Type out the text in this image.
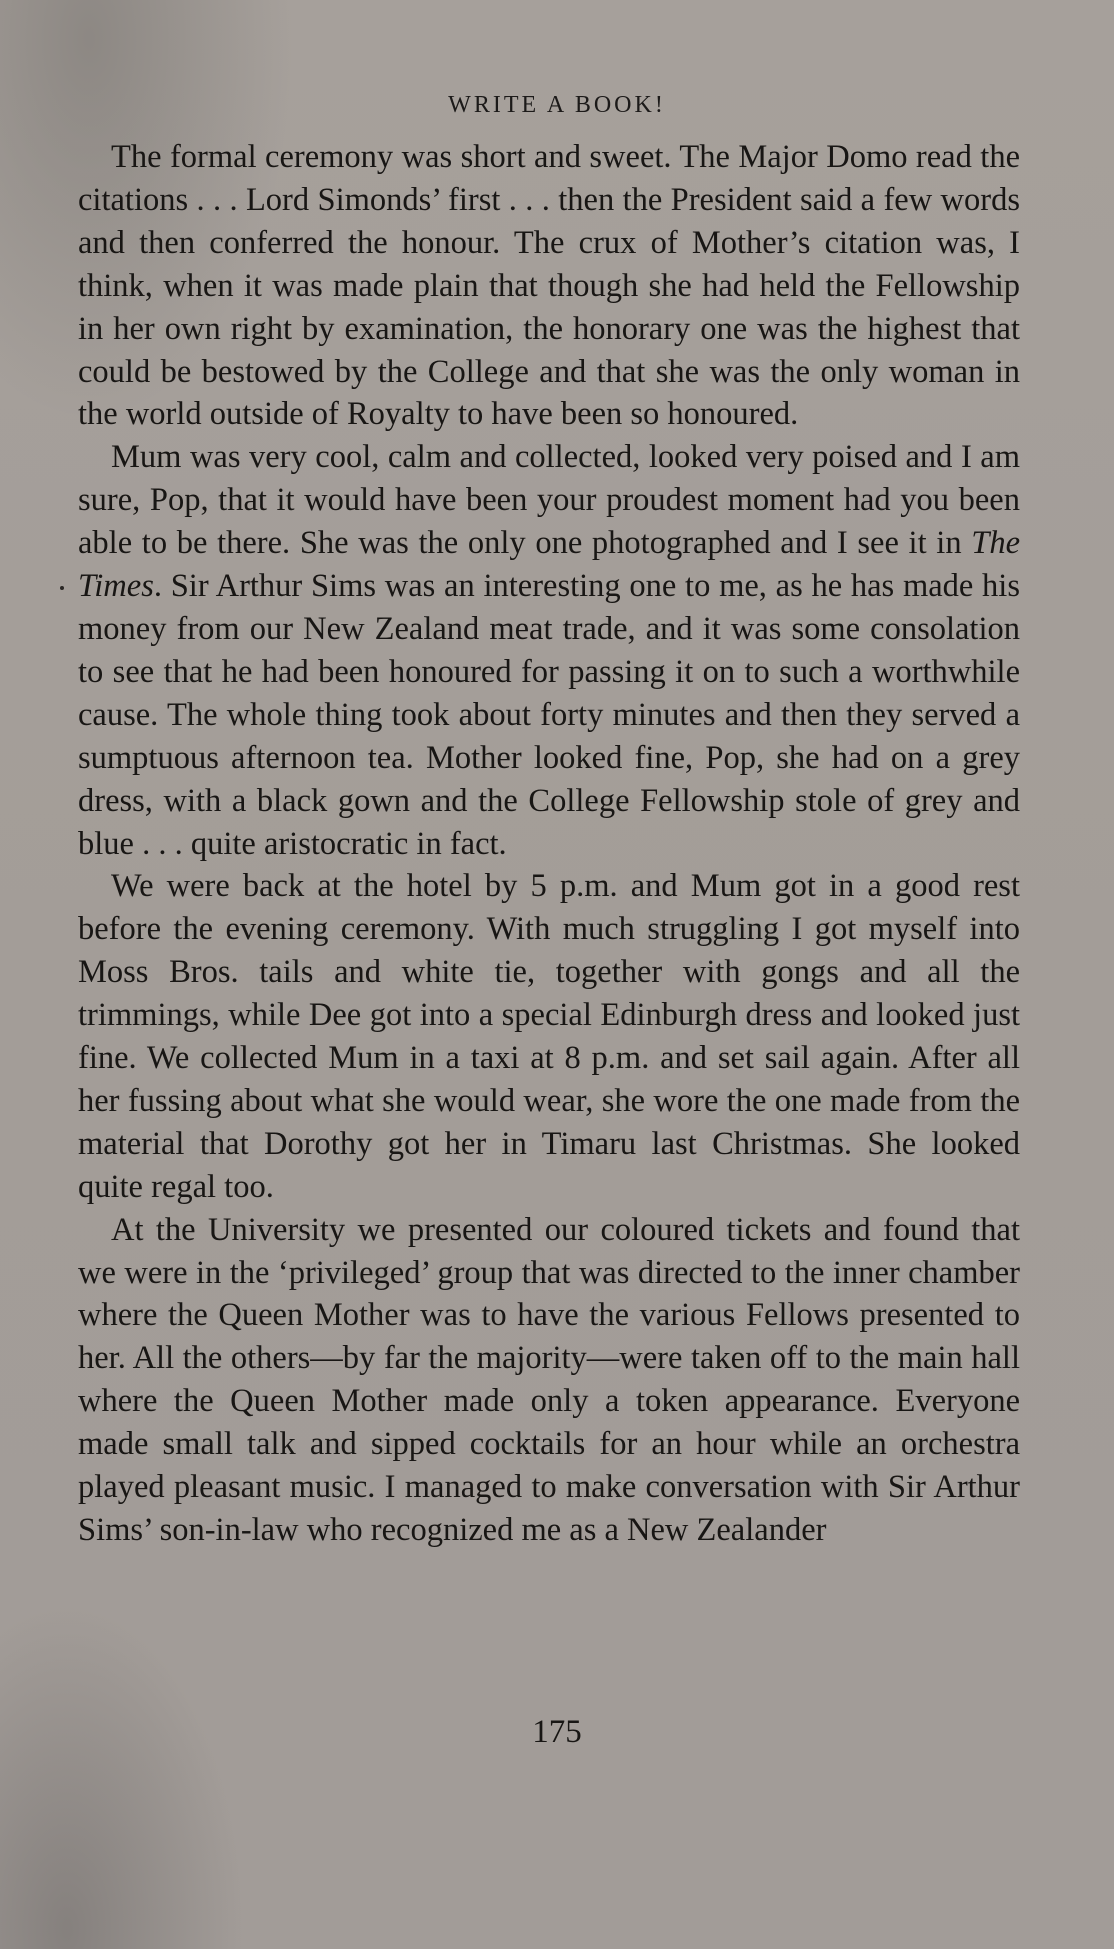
WRITE A BOOK!

The formal ceremony was short and sweet. The Major Domo read the citations . . . Lord Simonds’ first . . . then the President said a few words and then conferred the honour. The crux of Mother’s citation was, I think, when it was made plain that though she had held the Fellowship in her own right by examination, the honorary one was the highest that could be bestowed by the College and that she was the only woman in the world outside of Royalty to have been so honoured.

Mum was very cool, calm and collected, looked very poised and I am sure, Pop, that it would have been your proudest moment had you been able to be there. She was the only one photographed and I see it in The Times. Sir Arthur Sims was an interesting one to me, as he has made his money from our New Zealand meat trade, and it was some consolation to see that he had been honoured for passing it on to such a worthwhile cause. The whole thing took about forty minutes and then they served a sumptuous afternoon tea. Mother looked fine, Pop, she had on a grey dress, with a black gown and the College Fellowship stole of grey and blue . . . quite aristocratic in fact.

We were back at the hotel by 5 p.m. and Mum got in a good rest before the evening ceremony. With much struggling I got myself into Moss Bros. tails and white tie, together with gongs and all the trimmings, while Dee got into a special Edinburgh dress and looked just fine. We collected Mum in a taxi at 8 p.m. and set sail again. After all her fussing about what she would wear, she wore the one made from the material that Dorothy got her in Timaru last Christmas. She looked quite regal too.

At the University we presented our coloured tickets and found that we were in the ‘privileged’ group that was directed to the inner chamber where the Queen Mother was to have the various Fellows presented to her. All the others—by far the majority—were taken off to the main hall where the Queen Mother made only a token appearance. Everyone made small talk and sipped cocktails for an hour while an orchestra played pleasant music. I managed to make conversation with Sir Arthur Sims’ son-in-law who recognized me as a New Zealander

175
